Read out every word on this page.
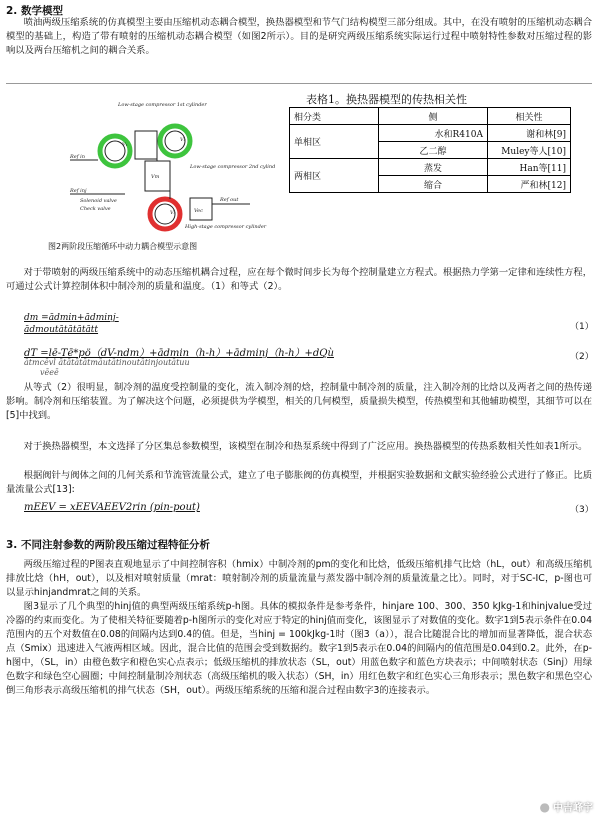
2. 数学模型

喷油两级压缩系统的仿真模型主要由压缩机动态耦合模型，换热器模型和节气门结构模型三部分组成。其中，在没有喷射的压缩机动态耦合模型的基础上，构造了带有喷射的压缩机动态耦合模型（如图2所示）。目的是研究两级压缩系统实际运行过程中喷射特性参数对压缩过程的影响以及两台压缩机之间的耦合关系。

Low-stage compressor 1st cylinder
V₁
V₂
Vm
Low-stage compressor 2nd cylinder
Ref in
Ref inj
Solenoid valve
Check valve
V₃	Vec
Ref out
High-stage compressor cylinder
图2两阶段压缩循环中动力耦合模型示意图
表格1。换热器模型的传热相关性
相分类	侧	相关性
单相区	水和R410A	谢和林[9]
	乙二醇	Muley等人[10]
两相区	蒸发	Han等[11]
	缩合	严和林[12]

对于带喷射的两级压缩系统中的动态压缩机耦合过程，应在每个微时间步长为每个控制量建立方程式。根据热力学第一定律和连续性方程，可通过公式计算控制体积中制冷剂的质量和温度。（1）和等式（2）。

dm =ādmin+ādminj-
ādmoutātātātātt	（1）
dT =lē-Tē*pö（dV-ndm）+ādmin（h-h）+ādminj（h-h）+dQù
ātmcēvl ātātātātmāutātinoutātinjoutātuu
vēeē
（2）

从等式（2）很明显，制冷剂的温度受控制量的变化，流入制冷剂的焓，控制量中制冷剂的质量，注入制冷剂的比焓以及两者之间的热传递影响。制冷剂和压缩装置。为了解决这个问题，必须提供为学模型，相关的几何模型，质量损失模型，传热模型和其他辅助模型，其细节可以在[5]中找到。

对于换热器模型，本文选择了分区集总参数模型，该模型在制冷和热泵系统中得到了广泛应用。换热器模型的传热系数相关性如表1所示。

根据阀针与阀体之间的几何关系和节流管流量公式，建立了电子膨胀阀的仿真模型，并根据实验数据和文献实验经验公式进行了修正。比质量流量公式[13]:

mEEV = xEEVAEEV2rin (pin-pout)	（3）
3. 不同注射参数的两阶段压缩过程特征分析

两级压缩过程的P图表直观地显示了中间控制容积（hmix）中制冷剂的pm的变化和比焓，低级压缩机排气比焓（hL，out）和高级压缩机排放比焓（hH，out），以及相对喷射质量（mrat：喷射制冷剂的质量流量与蒸发器中制冷剂的质量流量之比）。同时，对于SC-IC，p-图也可以显示hinjandmrat之间的关系。

图3显示了几个典型的hinj值的典型两级压缩系统p-h图。具体的模拟条件是参考条件，hinjare 100、300、350 kJkg-1和hinjvalue受过冷器的约束而变化。为了使相关特征要随着p-h图所示的变化对应于特定的hinj值而变化，该图显示了对数值的变化。数字1到5表示条件在0.04范围内的五个对数值在0.08的间隔内达到0.4的值。但是，当hinj = 100kJkg-1时（图3（a）），混合比随混合比的增加而显著降低，混合状态点（Smix）迅速进入气液两相区域。因此，混合比值的范围会受到数据约。数字1到5表示在0.04的间隔内的值范围是0.04到0.2。此外，在p-h图中，（SL，in）由橙色数字和橙色实心点表示；低级压缩机的排放状态（SL，out）用蓝色数字和蓝色方块表示；中间喷射状态（Sinj）用绿色数字和绿色空心圆圈；中间控制量制冷剂状态（高级压缩机的吸入状态）（SH，in）用红色数字和红色实心三角形表示；黑色数字和黑色空心倒三角形表示高级压缩机的排气状态（SH，out）。两级压缩系统的压缩和混合过程由数字3的连接表示。

● 中吉峰宇
